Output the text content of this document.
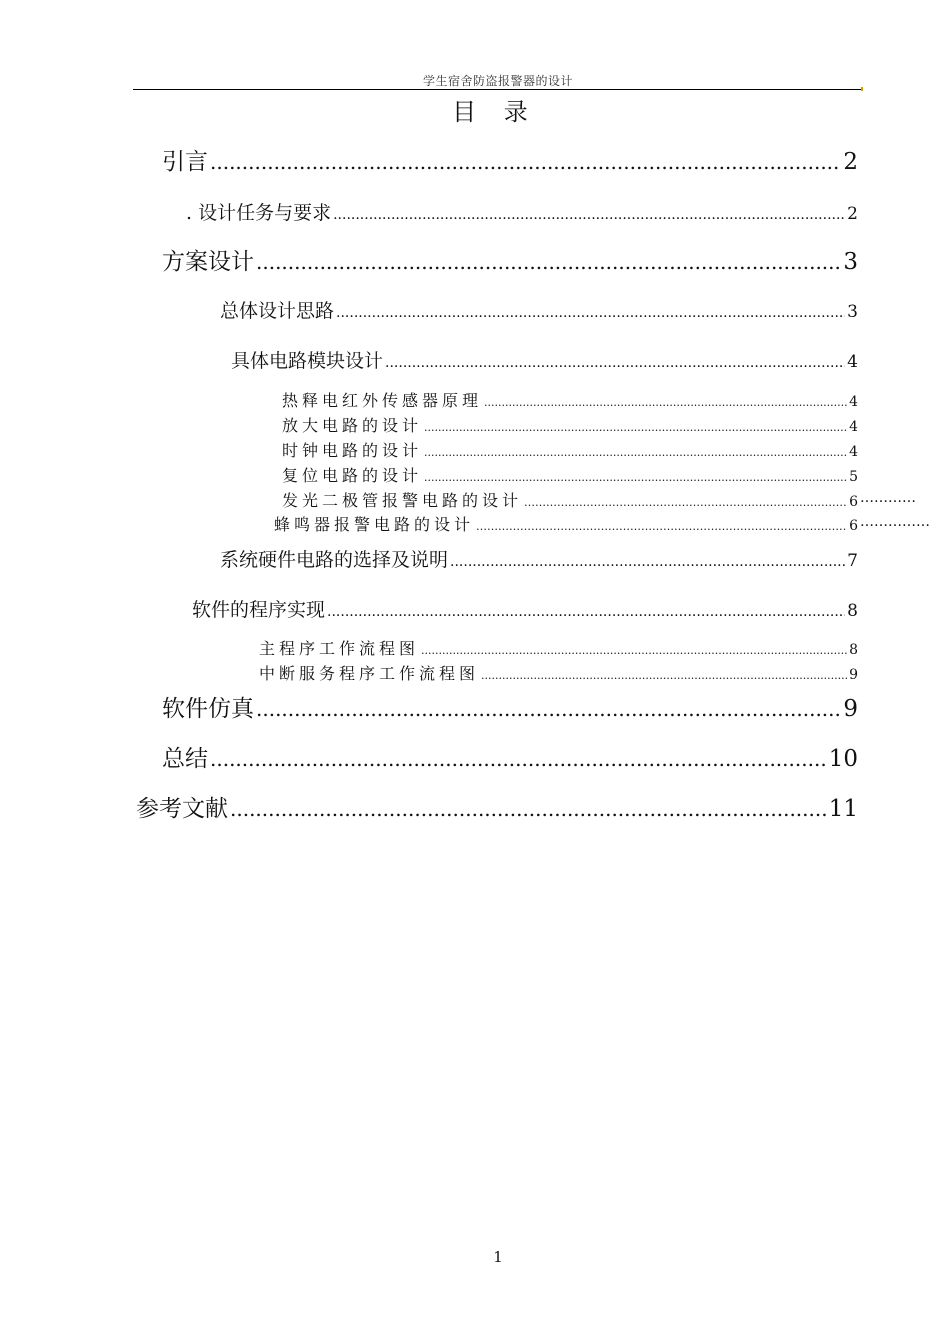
学生宿舍防盗报警器的设计
目 录
引言 .....	2
. 设计任务与要求 .....	2
方案设计 .....	3
总体设计思路 .....	3
具体电路模块设计 .....	4
热释电红外传感器原理 .....	4
放大电路的设计 .....	4
时钟电路的设计 .....	4
复位电路的设计 .....	5
发光二极管报警电路的设计 ……………………………………………………………………………………………………………………………………………	6 …………
蜂鸣器报警电路的设计 ……………………………………………………………………………………………………………………………………………	6 ……………
系统硬件电路的选择及说明 .....	7
软件的程序实现 .....	8
主程序工作流程图 .....	8
中断服务程序工作流程图 .....	9
软件仿真 .....	9
总结 .....	10
参考文献 .....	11
1
